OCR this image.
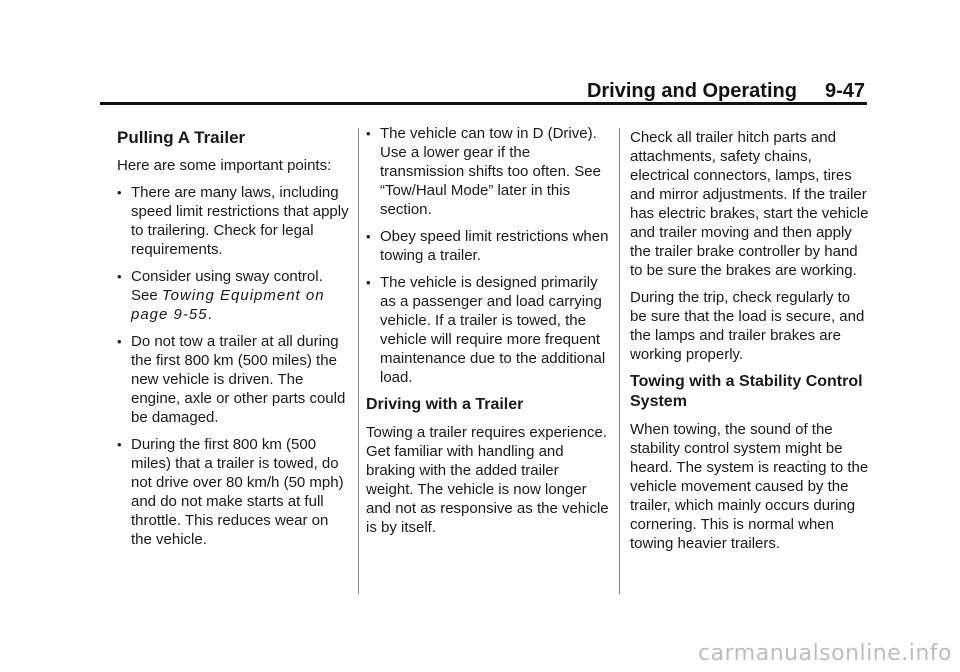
Driving and Operating 9-47
Pulling A Trailer

Here are some important points:

• There are many laws, including speed limit restrictions that apply to trailering. Check for legal requirements.
• Consider using sway control. See Towing Equipment on page 9‑55.
• Do not tow a trailer at all during the first 800 km (500 miles) the new vehicle is driven. The engine, axle or other parts could be damaged.
• During the first 800 km (500 miles) that a trailer is towed, do not drive over 80 km/h (50 mph) and do not make starts at full throttle. This reduces wear on the vehicle.
• The vehicle can tow in D (Drive). Use a lower gear if the transmission shifts too often. See “Tow/Haul Mode” later in this section.
• Obey speed limit restrictions when towing a trailer.
• The vehicle is designed primarily as a passenger and load carrying vehicle. If a trailer is towed, the vehicle will require more frequent maintenance due to the additional load.
Driving with a Trailer

Towing a trailer requires experience. Get familiar with handling and braking with the added trailer weight. The vehicle is now longer and not as responsive as the vehicle is by itself.

Check all trailer hitch parts and attachments, safety chains, electrical connectors, lamps, tires and mirror adjustments. If the trailer has electric brakes, start the vehicle and trailer moving and then apply the trailer brake controller by hand to be sure the brakes are working.

During the trip, check regularly to be sure that the load is secure, and the lamps and trailer brakes are working properly.

Towing with a Stability Control System

When towing, the sound of the stability control system might be heard. The system is reacting to the vehicle movement caused by the trailer, which mainly occurs during cornering. This is normal when towing heavier trailers.

carmanualsonline.info
